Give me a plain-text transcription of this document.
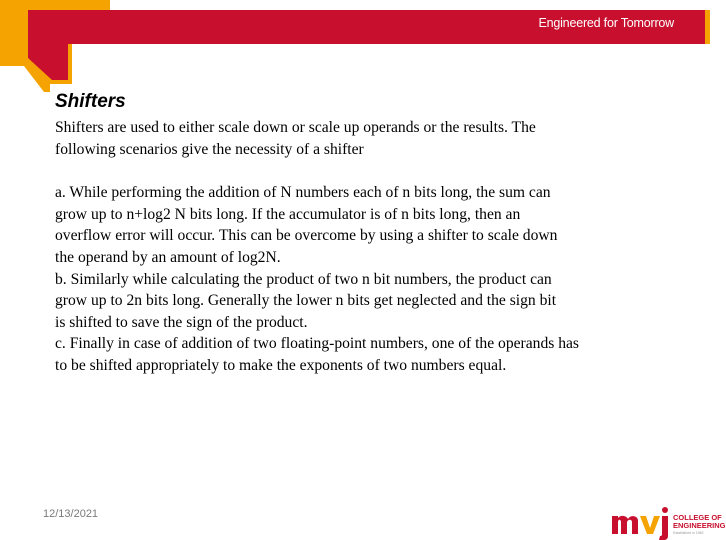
Engineered for Tomorrow
Shifters

Shifters are used to either scale down or scale up operands or the results. The

following scenarios give the necessity of a shifter

a. While performing the addition of N numbers each of n bits long, the sum can

grow up to n+log2 N bits long. If the accumulator is of n bits long, then an

overflow error will occur. This can be overcome by using a shifter to scale down

the operand by an amount of log2N.

b. Similarly while calculating the product of two n bit numbers, the product can

grow up to 2n bits long. Generally the lower n bits get neglected and the sign bit

is shifted to save the sign of the product.

c. Finally in case of addition of two floating-point numbers, one of the operands has

to be shifted appropriately to make the exponents of two numbers equal.

12/13/2021	COLLEGE OF
ENGINEERING
Established in 1982
